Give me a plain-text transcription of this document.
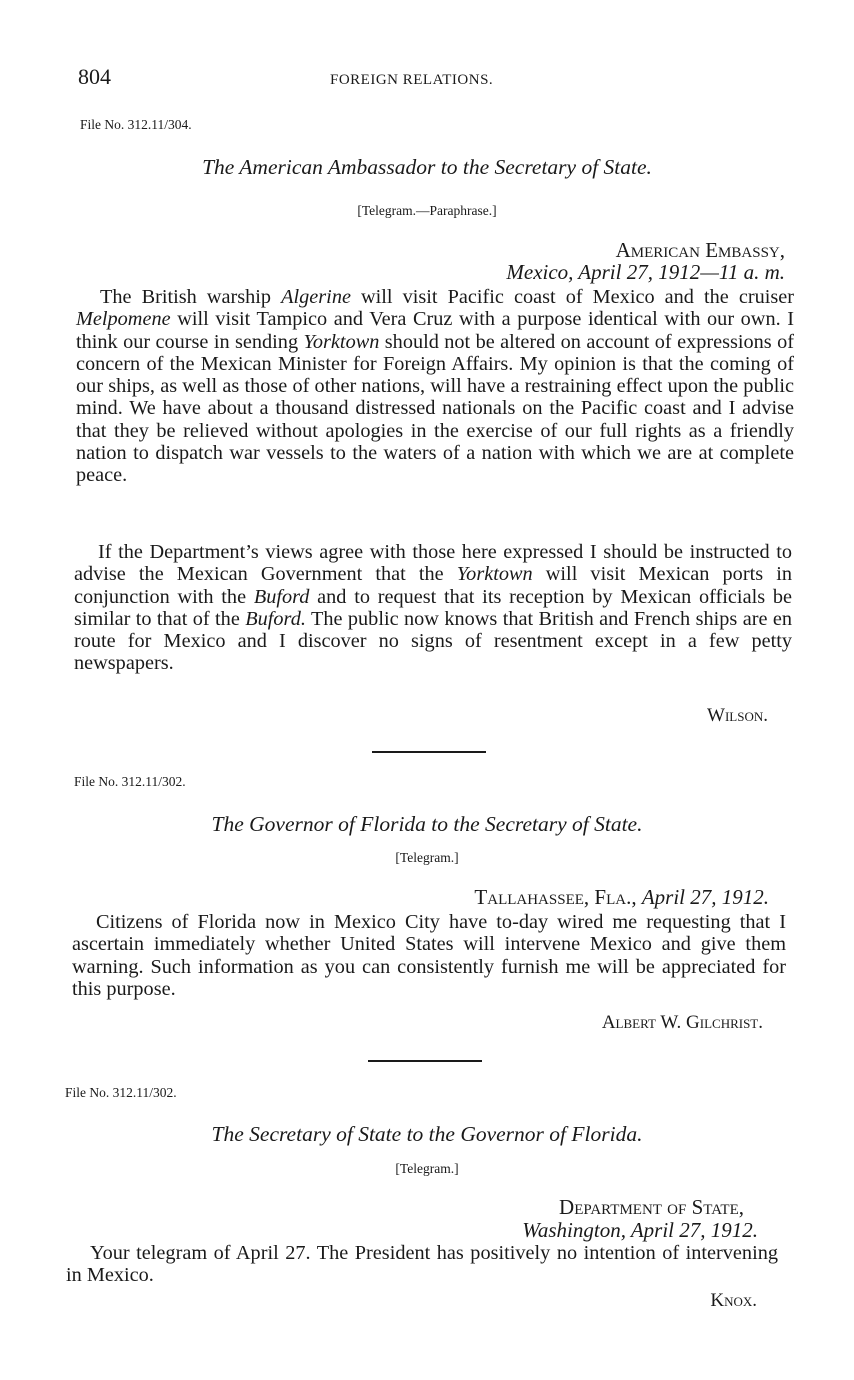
804	FOREIGN RELATIONS.
File No. 312.11/304.
The American Ambassador to the Secretary of State.
[Telegram.—Paraphrase.]
American Embassy,
Mexico, April 27, 1912—11 a. m.

The British warship Algerine will visit Pacific coast of Mexico and the cruiser Melpomene will visit Tampico and Vera Cruz with a purpose identical with our own. I think our course in sending Yorktown should not be altered on account of expressions of concern of the Mexican Minister for Foreign Affairs. My opinion is that the coming of our ships, as well as those of other nations, will have a restraining effect upon the public mind. We have about a thousand distressed nationals on the Pacific coast and I advise that they be relieved without apologies in the exercise of our full rights as a friendly nation to dispatch war vessels to the waters of a nation with which we are at complete peace.

If the Department’s views agree with those here expressed I should be instructed to advise the Mexican Government that the Yorktown will visit Mexican ports in conjunction with the Buford and to request that its reception by Mexican officials be similar to that of the Buford. The public now knows that British and French ships are en route for Mexico and I discover no signs of resentment except in a few petty newspapers.

Wilson.
File No. 312.11/302.
The Governor of Florida to the Secretary of State.
[Telegram.]
Tallahassee, Fla., April 27, 1912.

Citizens of Florida now in Mexico City have to-day wired me requesting that I ascertain immediately whether United States will intervene Mexico and give them warning. Such information as you can consistently furnish me will be appreciated for this purpose.

Albert W. Gilchrist.
File No. 312.11/302.
The Secretary of State to the Governor of Florida.
[Telegram.]
Department of State,
Washington, April 27, 1912.

Your telegram of April 27. The President has positively no intention of intervening in Mexico.

Knox.
